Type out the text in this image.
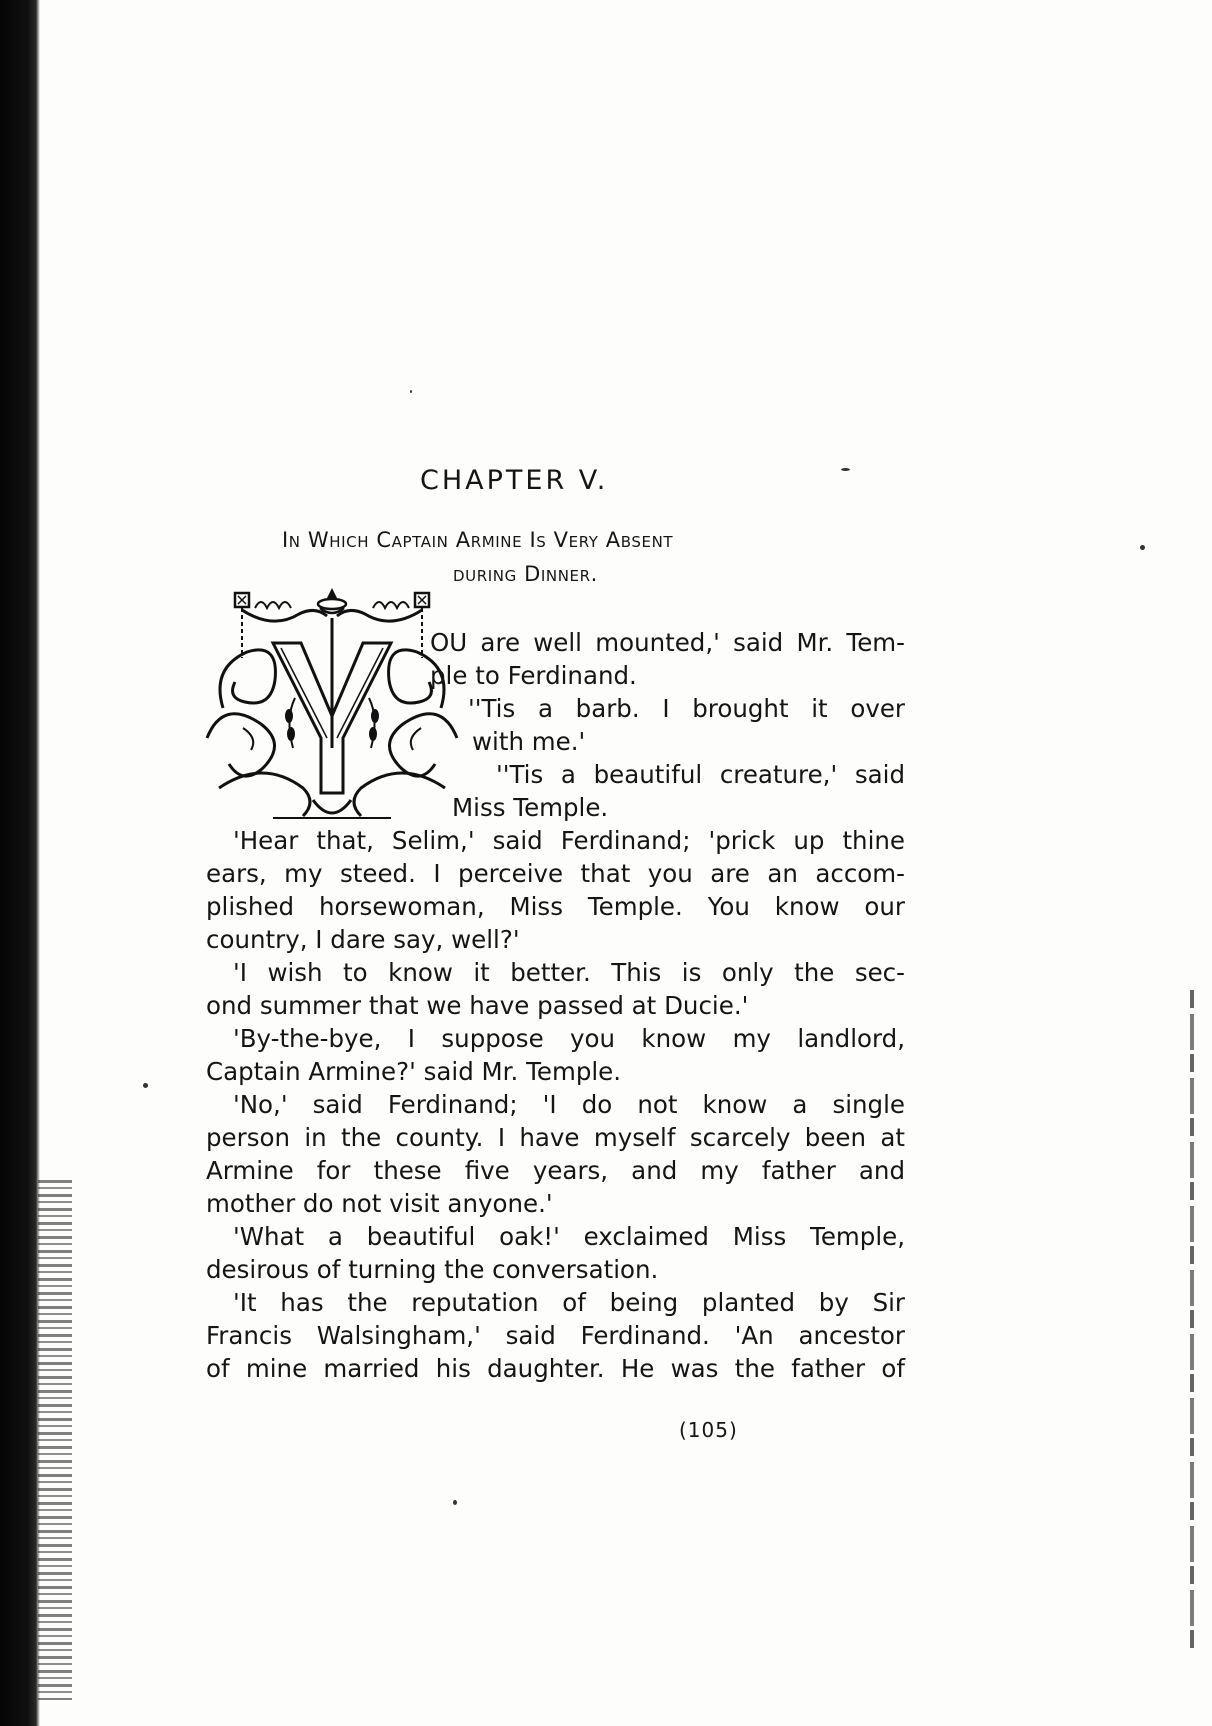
CHAPTER V.
In Which Captain Armine Is Very Absent
during Dinner.
OU are well mounted,' said Mr. Tem-
ple to Ferdinand.
''Tis a barb. I brought it over
with me.'
''Tis a beautiful creature,' said
Miss Temple.
'Hear that, Selim,' said Ferdinand; 'prick up thine
ears, my steed. I perceive that you are an accom-
plished horsewoman, Miss Temple. You know our
country, I dare say, well?'
'I wish to know it better. This is only the sec-
ond summer that we have passed at Ducie.'
'By-the-bye, I suppose you know my landlord,
Captain Armine?' said Mr. Temple.
'No,' said Ferdinand; 'I do not know a single
person in the county. I have myself scarcely been at
Armine for these five years, and my father and
mother do not visit anyone.'
'What a beautiful oak!' exclaimed Miss Temple,
desirous of turning the conversation.
'It has the reputation of being planted by Sir
Francis Walsingham,' said Ferdinand. 'An ancestor
of mine married his daughter. He was the father of
(105)
